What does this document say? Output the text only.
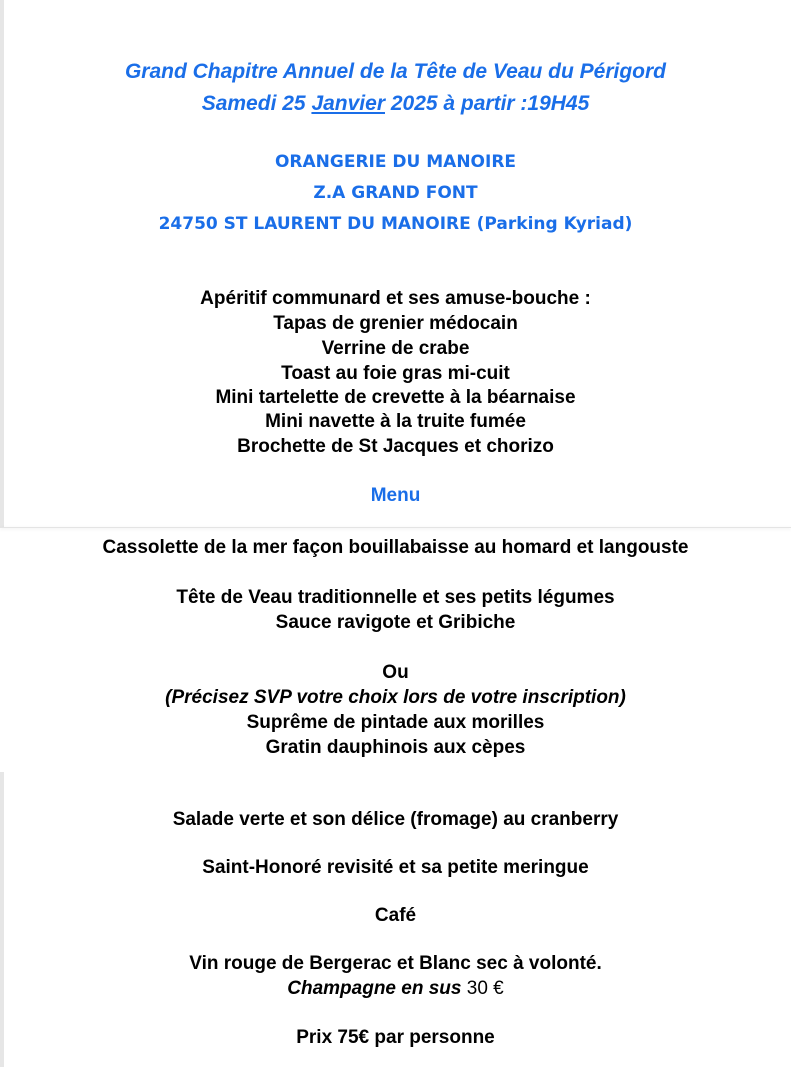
Grand Chapitre Annuel de la Tête de Veau du Périgord
Samedi 25 Janvier 2025 à partir :19H45
ORANGERIE DU MANOIRE
Z.A GRAND FONT
24750 ST LAURENT DU MANOIRE (Parking Kyriad)
Apéritif communard et ses amuse-bouche :
Tapas de grenier médocain
Verrine de crabe
Toast au foie gras mi-cuit
Mini tartelette de crevette à la béarnaise
Mini navette à la truite fumée
Brochette de St Jacques et chorizo
Menu
Cassolette de la mer façon bouillabaisse au homard et langouste
Tête de Veau traditionnelle et ses petits légumes
Sauce ravigote et Gribiche
Ou
(Précisez SVP votre choix lors de votre inscription)
Suprême de pintade aux morilles
Gratin dauphinois aux cèpes
Salade verte et son délice (fromage) au cranberry
Saint-Honoré revisité et sa petite meringue
Café
Vin rouge de Bergerac et Blanc sec à volonté.
Champagne en sus 30 €
Prix 75€ par personne
